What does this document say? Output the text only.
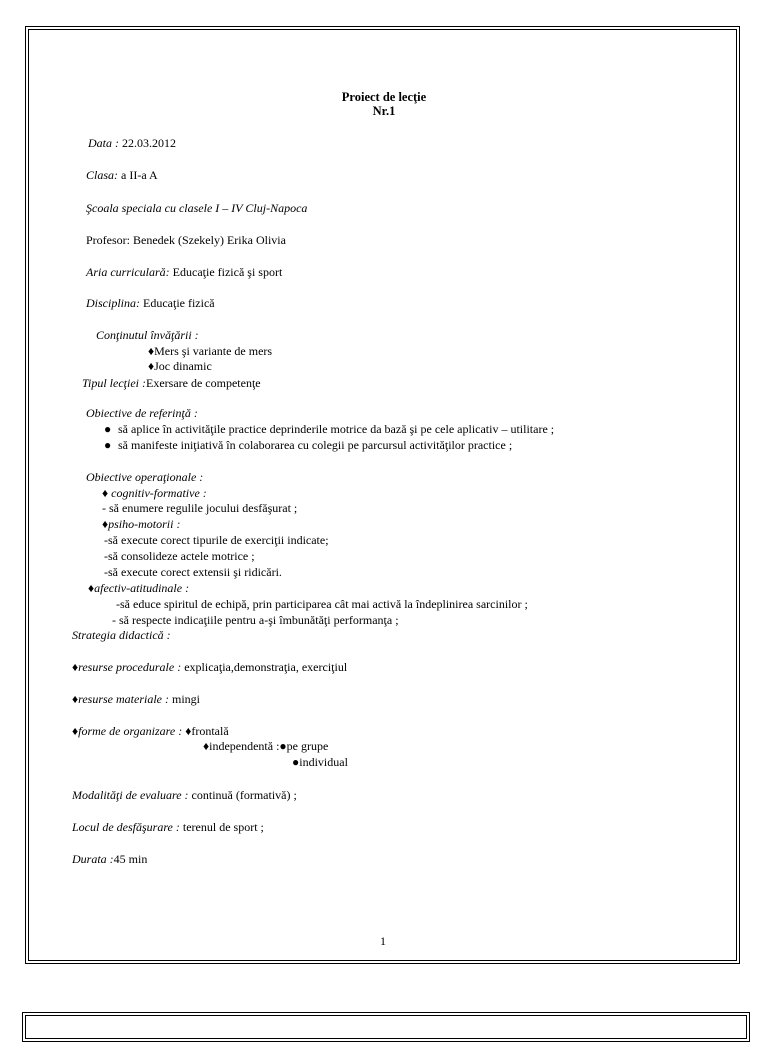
Proiect de lecţie
Nr.1
Data : 22.03.2012
Clasa: a II-a A
Şcoala speciala cu clasele I – IV Cluj-Napoca
Profesor: Benedek (Szekely) Erika Olivia
Aria curriculară: Educaţie fizică şi sport
Disciplina: Educaţie fizică
Conţinutul învăţării :
♦Mers şi variante de mers
♦Joc dinamic
Tipul lecţiei :Exersare de competenţe
Obiective de referinţă :
● să aplice în activităţile practice deprinderile motrice da bază şi pe cele aplicativ – utilitare ;
● să manifeste iniţiativă în colaborarea cu colegii pe parcursul activităţilor practice ;
Obiective operaţionale :
♦ cognitiv-formative :
- să enumere regulile jocului desfăşurat ;
♦psiho-motorii :
-să execute corect tipurile de exerciţii indicate;
-să consolideze actele motrice ;
-să execute corect extensii şi ridicări.
♦afectiv-atitudinale :
-să educe spiritul de echipă, prin participarea cât mai activă la îndeplinirea sarcinilor ;
- să respecte indicaţiile pentru a-şi îmbunătăţi performanţa ;
Strategia didactică :
♦resurse procedurale : explicaţia,demonstraţia, exerciţiul
♦resurse materiale : mingi
♦forme de organizare : ♦frontală
♦independentă :●pe grupe
●individual
Modalităţi de evaluare : continuă (formativă) ;
Locul de desfăşurare : terenul de sport ;
Durata :45 min
1
